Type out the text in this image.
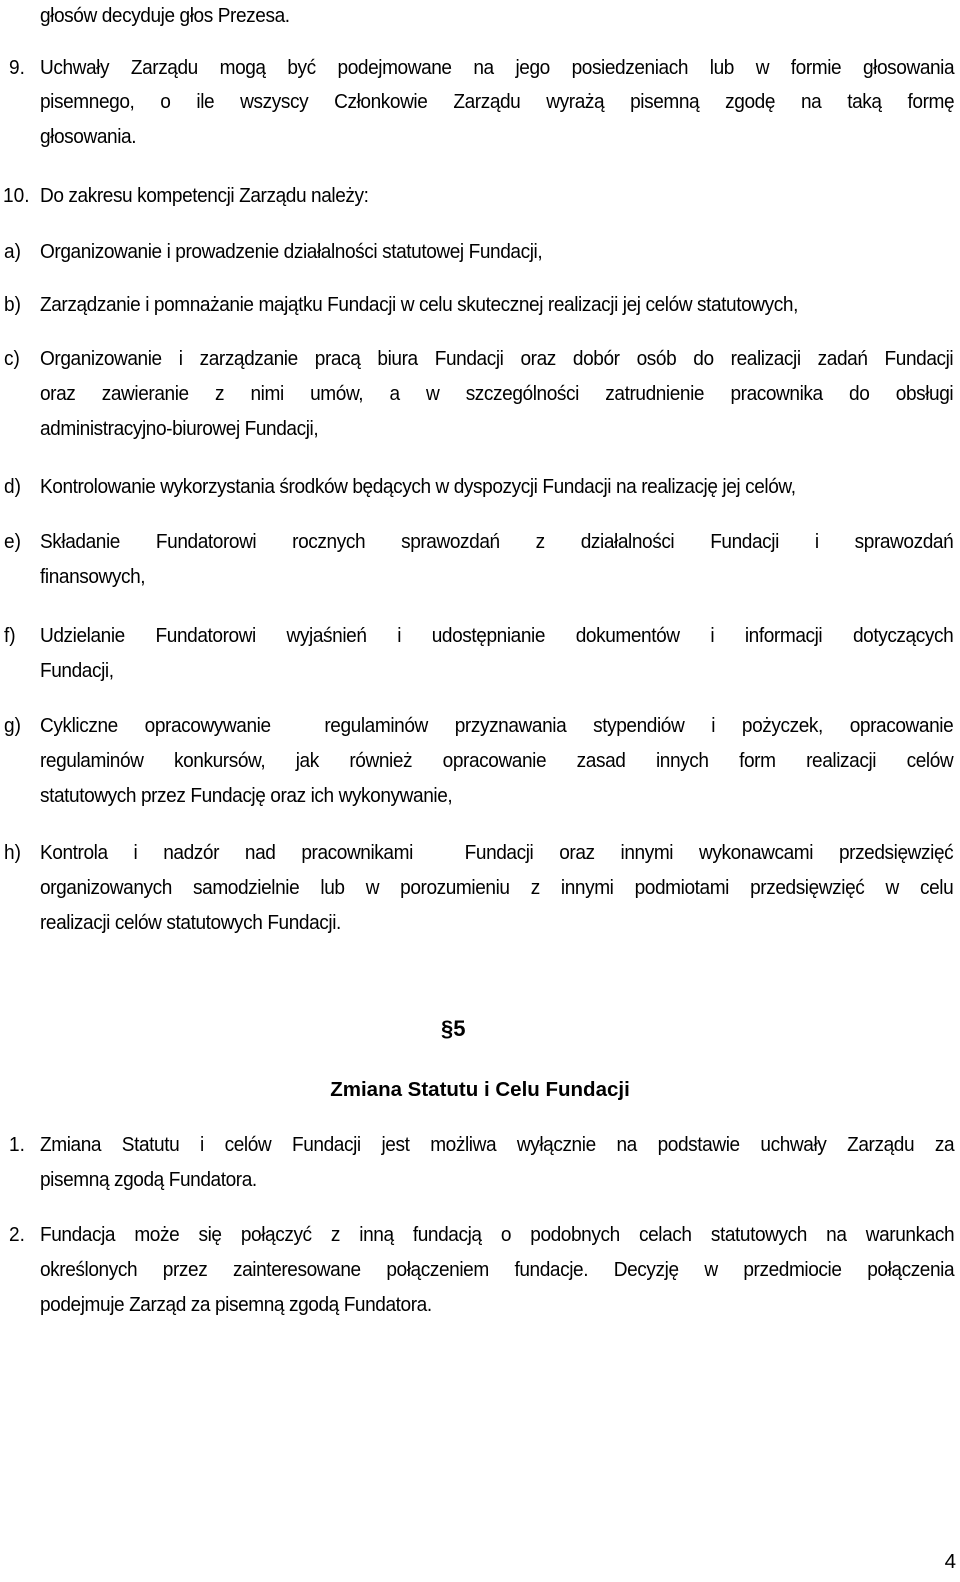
głosów decyduje głos Prezesa.
9. Uchwały Zarządu mogą być podejmowane na jego posiedzeniach lub w formie głosowania
pisemnego, o ile wszyscy Członkowie Zarządu wyrażą pisemną zgodę na taką formę
głosowania.
10. Do zakresu kompetencji Zarządu należy:
a) Organizowanie i prowadzenie działalności statutowej Fundacji,
b) Zarządzanie i pomnażanie majątku Fundacji w celu skutecznej realizacji jej celów statutowych,
c) Organizowanie i zarządzanie pracą biura Fundacji oraz dobór osób do realizacji zadań Fundacji
oraz zawieranie z nimi umów, a w szczególności zatrudnienie pracownika do obsługi
administracyjno-biurowej Fundacji,
d) Kontrolowanie wykorzystania środków będących w dyspozycji Fundacji na realizację jej celów,
e) Składanie Fundatorowi rocznych sprawozdań z działalności Fundacji i sprawozdań
finansowych,
f) Udzielanie Fundatorowi wyjaśnień i udostępnianie dokumentów i informacji dotyczących
Fundacji,
g) Cykliczne opracowywanie  regulaminów przyznawania stypendiów i pożyczek, opracowanie
regulaminów konkursów, jak również opracowanie zasad innych form realizacji celów
statutowych przez Fundację oraz ich wykonywanie,
h) Kontrola i nadzór nad pracownikami  Fundacji oraz innymi wykonawcami przedsięwzięć
organizowanych samodzielnie lub w porozumieniu z innymi podmiotami przedsięwzięć w celu
realizacji celów statutowych Fundacji.
§5
Zmiana Statutu i Celu Fundacji
1. Zmiana Statutu i celów Fundacji jest możliwa wyłącznie na podstawie uchwały Zarządu za
pisemną zgodą Fundatora.
2. Fundacja może się połączyć z inną fundacją o podobnych celach statutowych na warunkach
określonych przez zainteresowane połączeniem fundacje. Decyzję w przedmiocie połączenia
podejmuje Zarząd za pisemną zgodą Fundatora.
4
